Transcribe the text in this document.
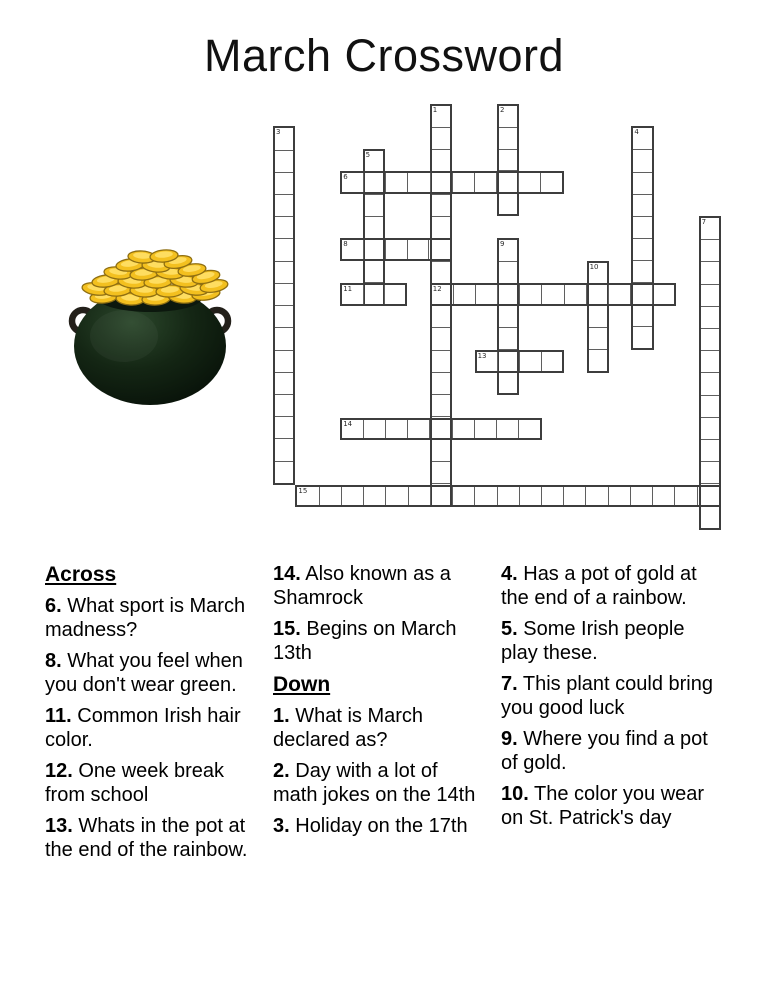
March Crossword
1	2
3	4
5
6
7
8	9
10
11	12
13
14
15
Across

6. What sport is March madness?

8. What you feel when you don't wear green.

11. Common Irish hair color.

12. One week break from school

13. Whats in the pot at the end of the rainbow.

14. Also known as a Shamrock

15. Begins on March 13th

Down

1. What is March declared as?

2. Day with a lot of math jokes on the 14th

3. Holiday on the 17th

4. Has a pot of gold at the end of a rainbow.

5. Some Irish people play these.

7. This plant could bring you good luck

9. Where you find a pot of gold.

10. The color you wear on St. Patrick's day
